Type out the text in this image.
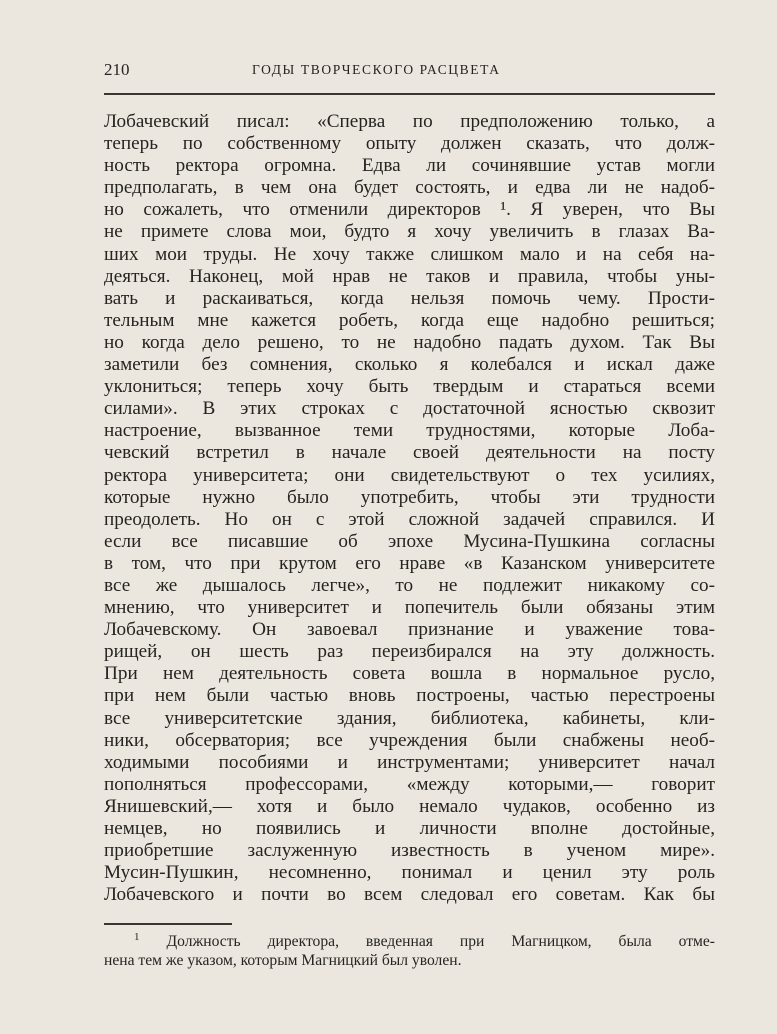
210	ГОДЫ ТВОРЧЕСКОГО РАСЦВЕТА
Лобачевский писал: «Сперва по предположению только, а
теперь по собственному опыту должен сказать, что долж-
ность ректора огромна. Едва ли сочинявшие устав могли
предполагать, в чем она будет состоять, и едва ли не надоб-
но сожалеть, что отменили директоров ¹. Я уверен, что Вы
не примете слова мои, будто я хочу увеличить в глазах Ва-
ших мои труды. Не хочу также слишком мало и на себя на-
деяться. Наконец, мой нрав не таков и правила, чтобы уны-
вать и раскаиваться, когда нельзя помочь чему. Прости-
тельным мне кажется робеть, когда еще надобно решиться;
но когда дело решено, то не надобно падать духом. Так Вы
заметили без сомнения, сколько я колебался и искал даже
уклониться; теперь хочу быть твердым и стараться всеми
силами». В этих строках с достаточной ясностью сквозит
настроение, вызванное теми трудностями, которые Лоба-
чевский встретил в начале своей деятельности на посту
ректора университета; они свидетельствуют о тех усилиях,
которые нужно было употребить, чтобы эти трудности
преодолеть. Но он с этой сложной задачей справился. И
если все писавшие об эпохе Мусина-Пушкина согласны
в том, что при крутом его нраве «в Казанском университете
все же дышалось легче», то не подлежит никакому со-
мнению, что университет и попечитель были обязаны этим
Лобачевскому. Он завоевал признание и уважение това-
рищей, он шесть раз переизбирался на эту должность.
При нем деятельность совета вошла в нормальное русло,
при нем были частью вновь построены, частью перестроены
все университетские здания, библиотека, кабинеты, кли-
ники, обсерватория; все учреждения были снабжены необ-
ходимыми пособиями и инструментами; университет начал
пополняться профессорами, «между которыми,— говорит
Янишевский,— хотя и было немало чудаков, особенно из
немцев, но появились и личности вполне достойные,
приобретшие заслуженную известность в ученом мире».
Мусин-Пушкин, несомненно, понимал и ценил эту роль
Лобачевского и почти во всем следовал его советам. Как бы
$^1$ Должность директора, введенная при Магницком, была отме-
нена тем же указом, которым Магницкий был уволен.
